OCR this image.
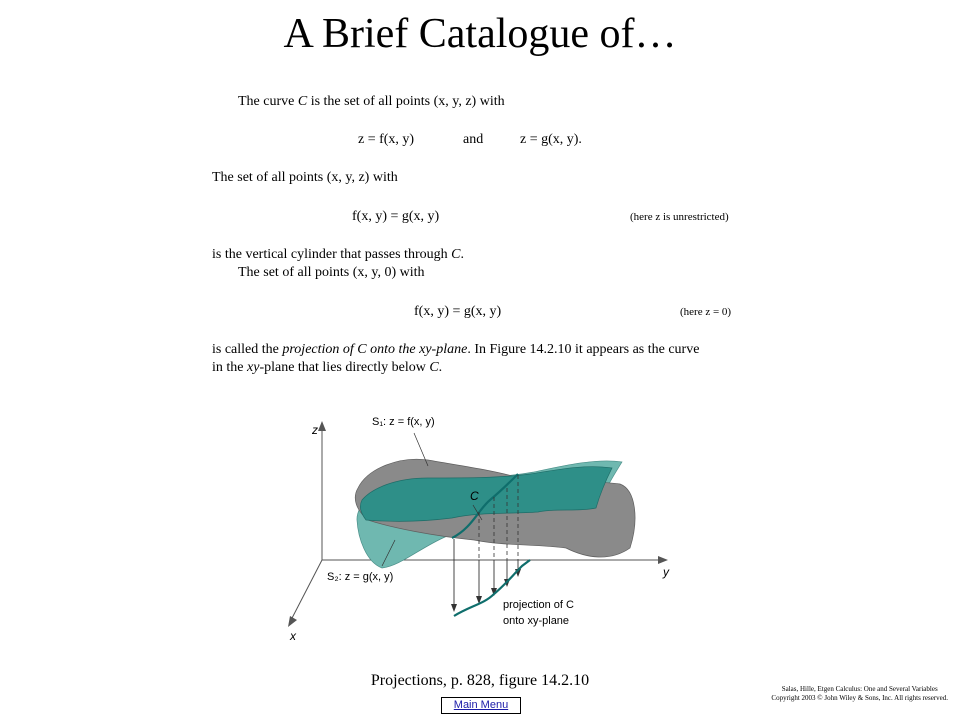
A Brief Catalogue of…
The curve C is the set of all points (x, y, z) with
z = f(x, y)	and	z = g(x, y).
The set of all points (x, y, z) with
f(x, y) = g(x, y)	(here z is unrestricted)
is the vertical cylinder that passes through C.
The set of all points (x, y, 0) with
f(x, y) = g(x, y)	(here z = 0)
is called the projection of C onto the xy-plane. In Figure 14.2.10 it appears as the curve
in the xy-plane that lies directly below C.
z
y
x
S₁: z = f(x, y)
S₂: z = g(x, y)
C
projection of C
onto xy-plane
Projections, p. 828, figure 14.2.10	Salas, Hille, Etgen Calculus: One and Several Variables
Copyright 2003 © John Wiley & Sons, Inc. All rights reserved.
Main Menu
